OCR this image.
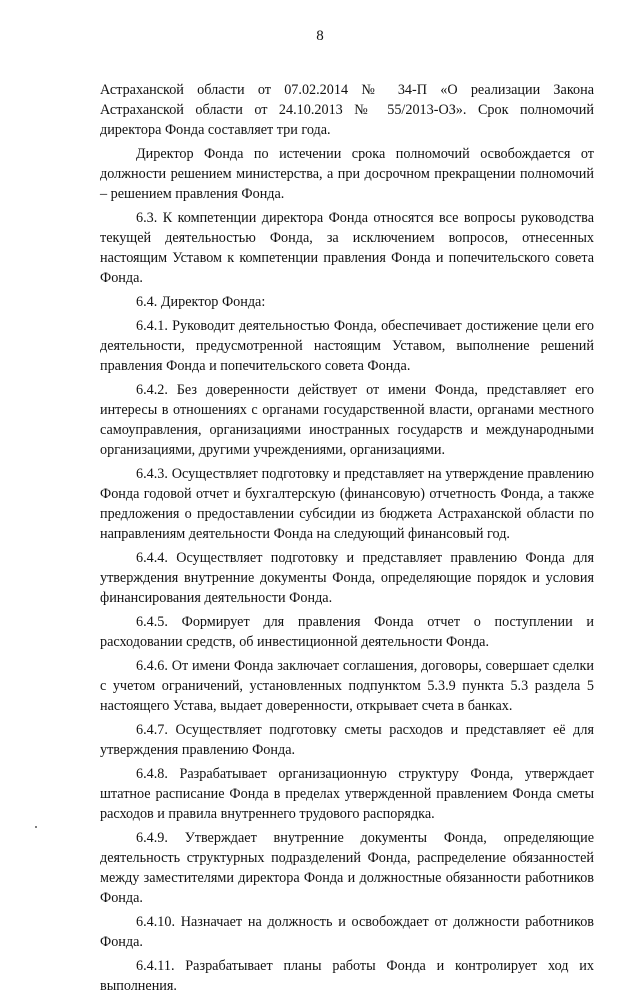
8

Астраханской области от 07.02.2014 № 34-П «О реализации Закона Астраханской области от 24.10.2013 № 55/2013-ОЗ». Срок полномочий директора Фонда составляет три года.

Директор Фонда по истечении срока полномочий освобождается от должности решением министерства, а при досрочном прекращении полномочий – решением правления Фонда.

6.3. К компетенции директора Фонда относятся все вопросы руководства текущей деятельностью Фонда, за исключением вопросов, отнесенных настоящим Уставом к компетенции правления Фонда и попечительского совета Фонда.

6.4. Директор Фонда:

6.4.1. Руководит деятельностью Фонда, обеспечивает достижение цели его деятельности, предусмотренной настоящим Уставом, выполнение решений правления Фонда и попечительского совета Фонда.

6.4.2. Без доверенности действует от имени Фонда, представляет его интересы в отношениях с органами государственной власти, органами местного самоуправления, организациями иностранных государств и международными организациями, другими учреждениями, организациями.

6.4.3. Осуществляет подготовку и представляет на утверждение правлению Фонда годовой отчет и бухгалтерскую (финансовую) отчетность Фонда, а также предложения о предоставлении субсидии из бюджета Астраханской области по направлениям деятельности Фонда на следующий финансовый год.

6.4.4. Осуществляет подготовку и представляет правлению Фонда для утверждения внутренние документы Фонда, определяющие порядок и условия финансирования деятельности Фонда.

6.4.5. Формирует для правления Фонда отчет о поступлении и расходовании средств, об инвестиционной деятельности Фонда.

6.4.6. От имени Фонда заключает соглашения, договоры, совершает сделки с учетом ограничений, установленных подпунктом 5.3.9 пункта 5.3 раздела 5 настоящего Устава, выдает доверенности, открывает счета в банках.

6.4.7. Осуществляет подготовку сметы расходов и представляет её для утверждения правлению Фонда.

6.4.8. Разрабатывает организационную структуру Фонда, утверждает штатное расписание Фонда в пределах утвержденной правлением Фонда сметы расходов и правила внутреннего трудового распорядка.

6.4.9. Утверждает внутренние документы Фонда, определяющие деятельность структурных подразделений Фонда, распределение обязанностей между заместителями директора Фонда и должностные обязанности работников Фонда.

6.4.10. Назначает на должность и освобождает от должности работников Фонда.

6.4.11. Разрабатывает планы работы Фонда и контролирует ход их выполнения.
